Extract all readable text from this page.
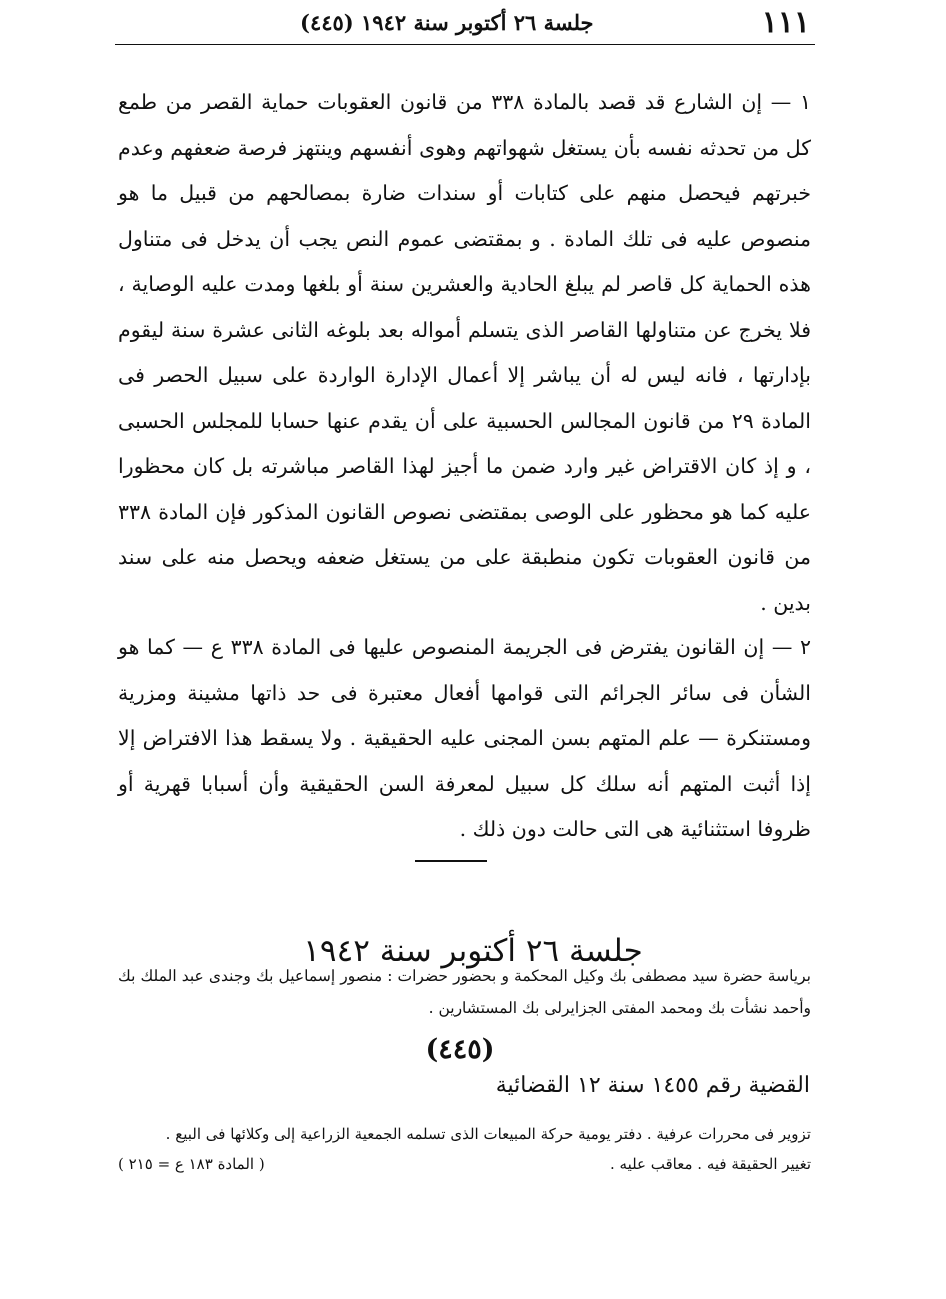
١١١
جلسة ٢٦ أكتوبر سنة ١٩٤٢ (٤٤٥)

١ — إن الشارع قد قصد بالمادة ٣٣٨ من قانون العقوبات حماية القصر من طمع كل من تحدثه نفسه بأن يستغل شهواتهم وهوى أنفسهم وينتهز فرصة ضعفهم وعدم خبرتهم فيحصل منهم على كتابات أو سندات ضارة بمصالحهم من قبيل ما هو منصوص عليه فى تلك المادة . و بمقتضى عموم النص يجب أن يدخل فى متناول هذه الحماية كل قاصر لم يبلغ الحادية والعشرين سنة أو بلغها ومدت عليه الوصاية ، فلا يخرج عن متناولها القاصر الذى يتسلم أمواله بعد بلوغه الثانى عشرة سنة ليقوم بإدارتها ، فانه ليس له أن يباشر إلا أعمال الإدارة الواردة على سبيل الحصر فى المادة ٢٩ من قانون المجالس الحسبية على أن يقدم عنها حسابا للمجلس الحسبى ، و إذ كان الاقتراض غير وارد ضمن ما أجيز لهذا القاصر مباشرته بل كان محظورا عليه كما هو محظور على الوصى بمقتضى نصوص القانون المذكور فإن المادة ٣٣٨ من قانون العقوبات تكون منطبقة على من يستغل ضعفه ويحصل منه على سند بدين .

٢ — إن القانون يفترض فى الجريمة المنصوص عليها فى المادة ٣٣٨ ع — كما هو الشأن فى سائر الجرائم التى قوامها أفعال معتبرة فى حد ذاتها مشينة ومزرية ومستنكرة — علم المتهم بسن المجنى عليه الحقيقية . ولا يسقط هذا الافتراض إلا إذا أثبت المتهم أنه سلك كل سبيل لمعرفة السن الحقيقية وأن أسبابا قهرية أو ظروفا استثنائية هى التى حالت دون ذلك .

جلسة ٢٦ أكتوبر سنة ١٩٤٢

برياسة حضرة سيد مصطفى بك وكيل المحكمة و بحضور حضرات : منصور إسماعيل بك وجندى عبد الملك بك وأحمد نشأت بك ومحمد المفتى الجزايرلى بك المستشارين .

(٤٤٥)
القضية رقم ١٤٥٥ سنة ١٢ القضائية
تزوير فى محررات عرفية . دفتر يومية حركة المبيعات الذى تسلمه الجمعية الزراعية إلى وكلائها فى البيع .
تغيير الحقيقة فيه . معاقب عليه .
( المادة ١٨٣ ع = ٢١٥ )
